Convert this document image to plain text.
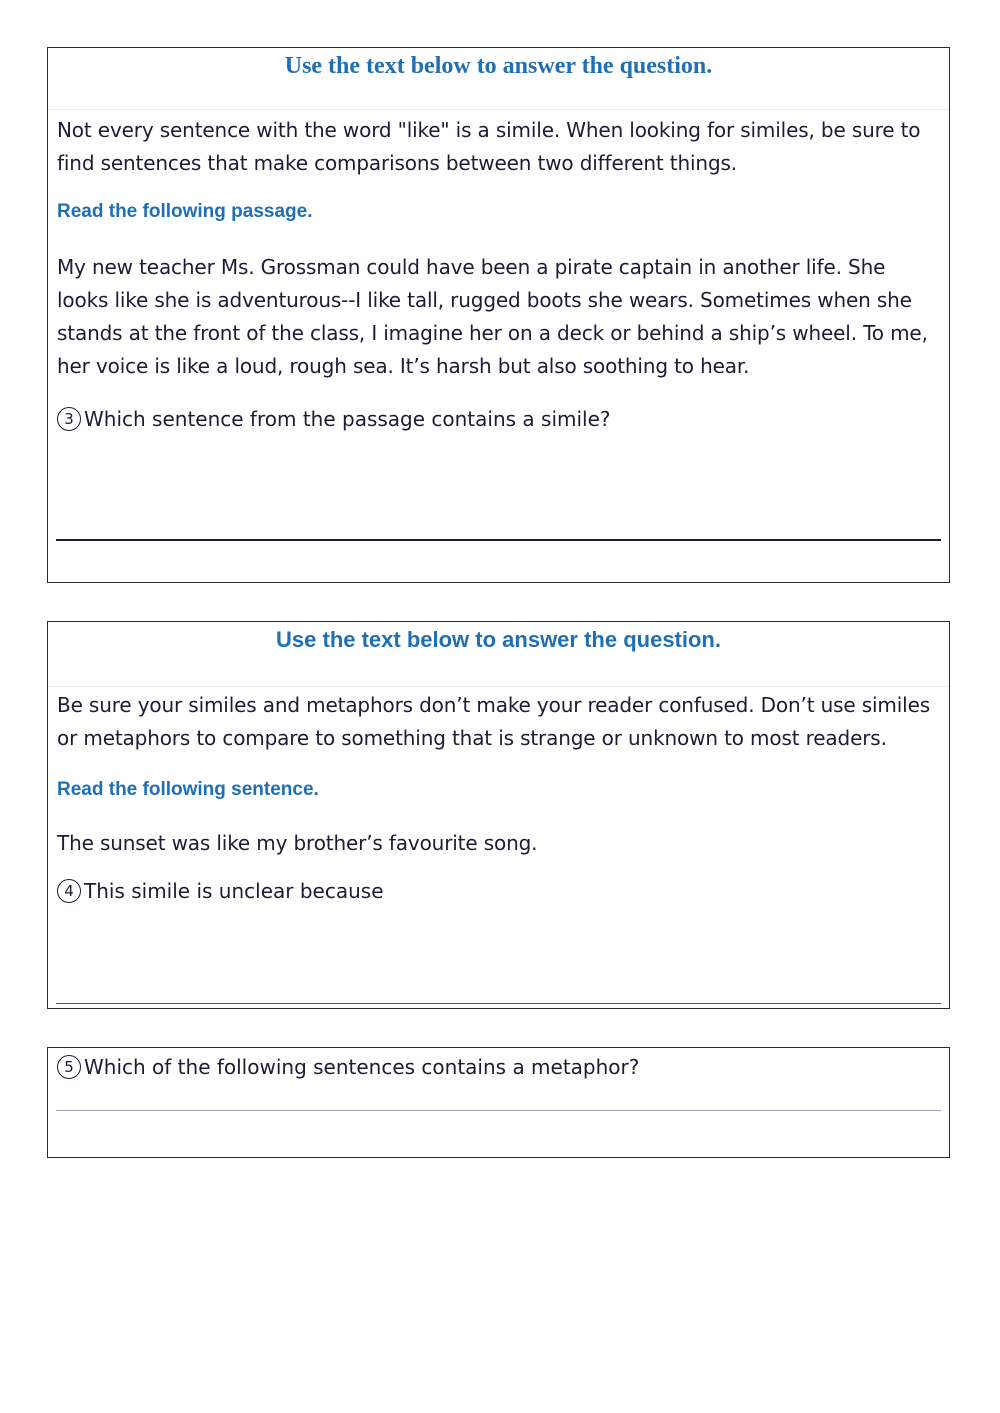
Use the text below to answer the question.

Not every sentence with the word "like" is a simile. When looking for similes, be sure to find sentences that make comparisons between two different things.

Read the following passage.

My new teacher Ms. Grossman could have been a pirate captain in another life. She looks like she is adventurous--I like tall, rugged boots she wears. Sometimes when she stands at the front of the class, I imagine her on a deck or behind a ship’s wheel. To me, her voice is like a loud, rough sea. It’s harsh but also soothing to hear.

3 Which sentence from the passage contains a simile?
Use the text below to answer the question.

Be sure your similes and metaphors don’t make your reader confused. Don’t use similes or metaphors to compare to something that is strange or unknown to most readers.

Read the following sentence.

The sunset was like my brother’s favourite song.

4 This simile is unclear because
5 Which of the following sentences contains a metaphor?
